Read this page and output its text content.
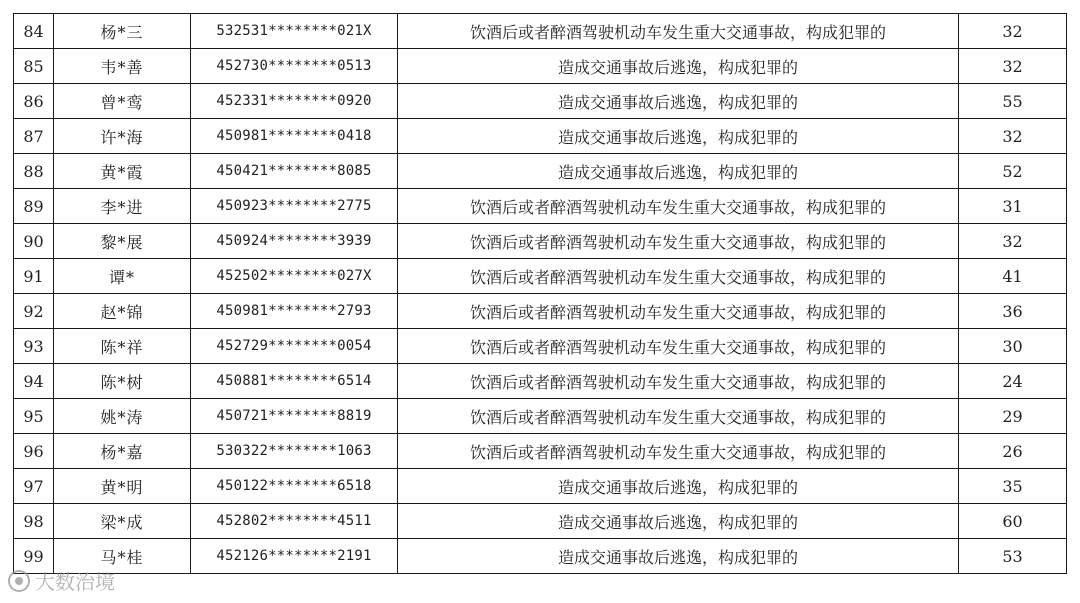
84	杨*三	532531********021X	饮酒后或者醉酒驾驶机动车发生重大交通事故，构成犯罪的	32
85	韦*善	452730********0513	造成交通事故后逃逸，构成犯罪的	32
86	曾*鸾	452331********0920	造成交通事故后逃逸，构成犯罪的	55
87	许*海	450981********0418	造成交通事故后逃逸，构成犯罪的	32
88	黄*霞	450421********8085	造成交通事故后逃逸，构成犯罪的	52
89	李*进	450923********2775	饮酒后或者醉酒驾驶机动车发生重大交通事故，构成犯罪的	31
90	黎*展	450924********3939	饮酒后或者醉酒驾驶机动车发生重大交通事故，构成犯罪的	32
91	谭*	452502********027X	饮酒后或者醉酒驾驶机动车发生重大交通事故，构成犯罪的	41
92	赵*锦	450981********2793	饮酒后或者醉酒驾驶机动车发生重大交通事故，构成犯罪的	36
93	陈*祥	452729********0054	饮酒后或者醉酒驾驶机动车发生重大交通事故，构成犯罪的	30
94	陈*树	450881********6514	饮酒后或者醉酒驾驶机动车发生重大交通事故，构成犯罪的	24
95	姚*涛	450721********8819	饮酒后或者醉酒驾驶机动车发生重大交通事故，构成犯罪的	29
96	杨*嘉	530322********1063	饮酒后或者醉酒驾驶机动车发生重大交通事故，构成犯罪的	26
97	黄*明	450122********6518	造成交通事故后逃逸，构成犯罪的	35
98	梁*成	452802********4511	造成交通事故后逃逸，构成犯罪的	60
99	马*桂	452126********2191	造成交通事故后逃逸，构成犯罪的	53
大数治境
